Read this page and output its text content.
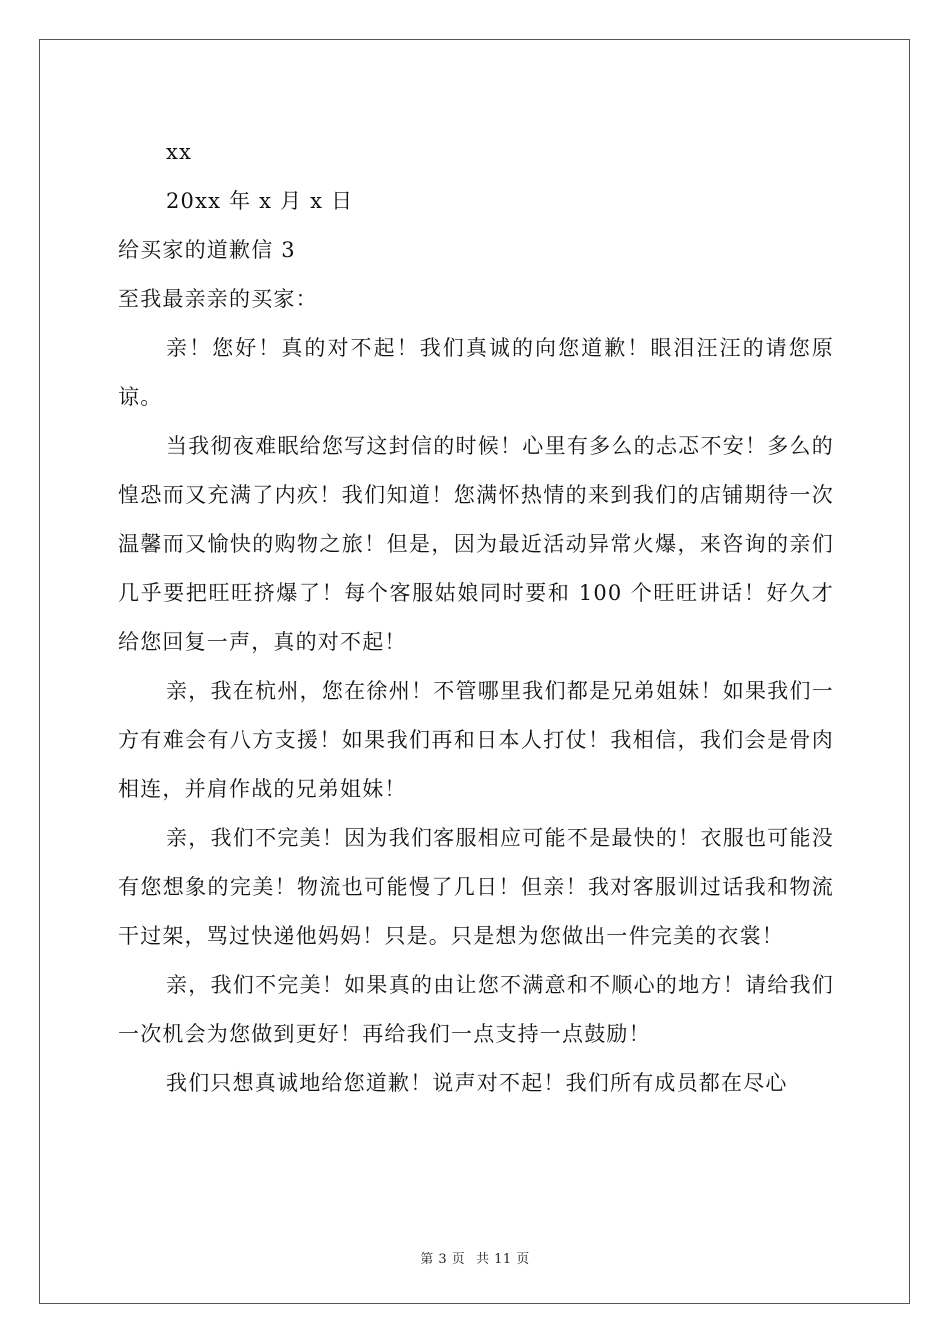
xx

20xx 年 x 月 x 日

给买家的道歉信 3

至我最亲亲的买家：

亲！您好！真的对不起！我们真诚的向您道歉！眼泪汪汪的请您原谅。

当我彻夜难眠给您写这封信的时候！心里有多么的忐忑不安！多么的惶恐而又充满了内疚！我们知道！您满怀热情的来到我们的店铺期待一次温馨而又愉快的购物之旅！但是，因为最近活动异常火爆，来咨询的亲们几乎要把旺旺挤爆了！每个客服姑娘同时要和 100 个旺旺讲话！好久才给您回复一声，真的对不起！

亲，我在杭州，您在徐州！不管哪里我们都是兄弟姐妹！如果我们一方有难会有八方支援！如果我们再和日本人打仗！我相信，我们会是骨肉相连，并肩作战的兄弟姐妹！

亲，我们不完美！因为我们客服相应可能不是最快的！衣服也可能没有您想象的完美！物流也可能慢了几日！但亲！我对客服训过话我和物流干过架，骂过快递他妈妈！只是。只是想为您做出一件完美的衣裳！

亲，我们不完美！如果真的由让您不满意和不顺心的地方！请给我们一次机会为您做到更好！再给我们一点支持一点鼓励！

我们只想真诚地给您道歉！说声对不起！我们所有成员都在尽心

第 3 页 共 11 页
